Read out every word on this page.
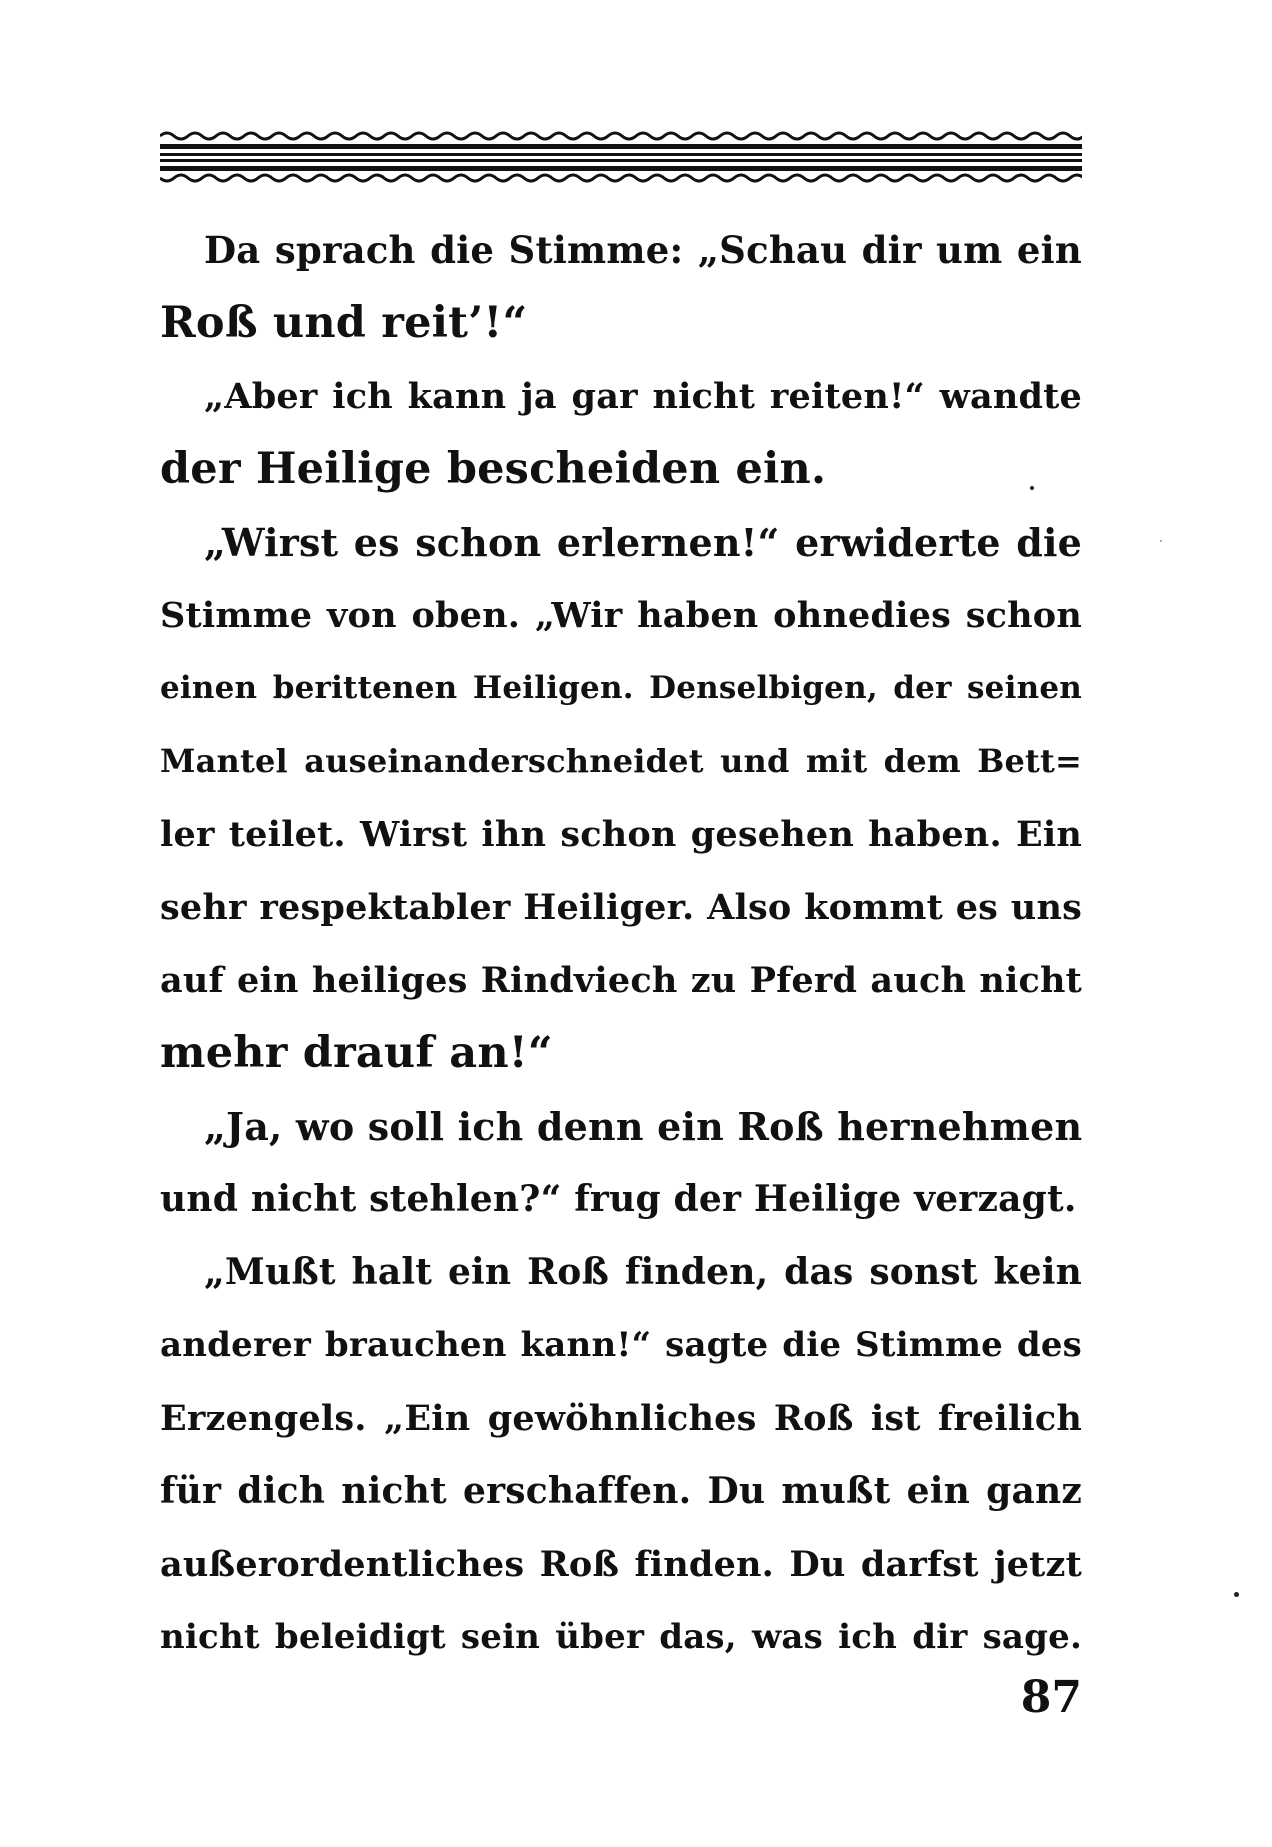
Da sprach die Stimme: „Schau dir um ein
Roß und reit’!“
„Aber ich kann ja gar nicht reiten!“ wandte
der Heilige bescheiden ein.
„Wirst es schon erlernen!“ erwiderte die
Stimme von oben. „Wir haben ohnedies schon
einen berittenen Heiligen. Denselbigen, der seinen
Mantel auseinanderschneidet und mit dem Bett=
ler teilet. Wirst ihn schon gesehen haben. Ein
sehr respektabler Heiliger. Also kommt es uns
auf ein heiliges Rindviech zu Pferd auch nicht
mehr drauf an!“
„Ja, wo soll ich denn ein Roß hernehmen
und nicht stehlen?“ frug der Heilige verzagt.
„Mußt halt ein Roß finden, das sonst kein
anderer brauchen kann!“ sagte die Stimme des
Erzengels. „Ein gewöhnliches Roß ist freilich
für dich nicht erschaffen. Du mußt ein ganz
außerordentliches Roß finden. Du darfst jetzt
nicht beleidigt sein über das, was ich dir sage.
87
